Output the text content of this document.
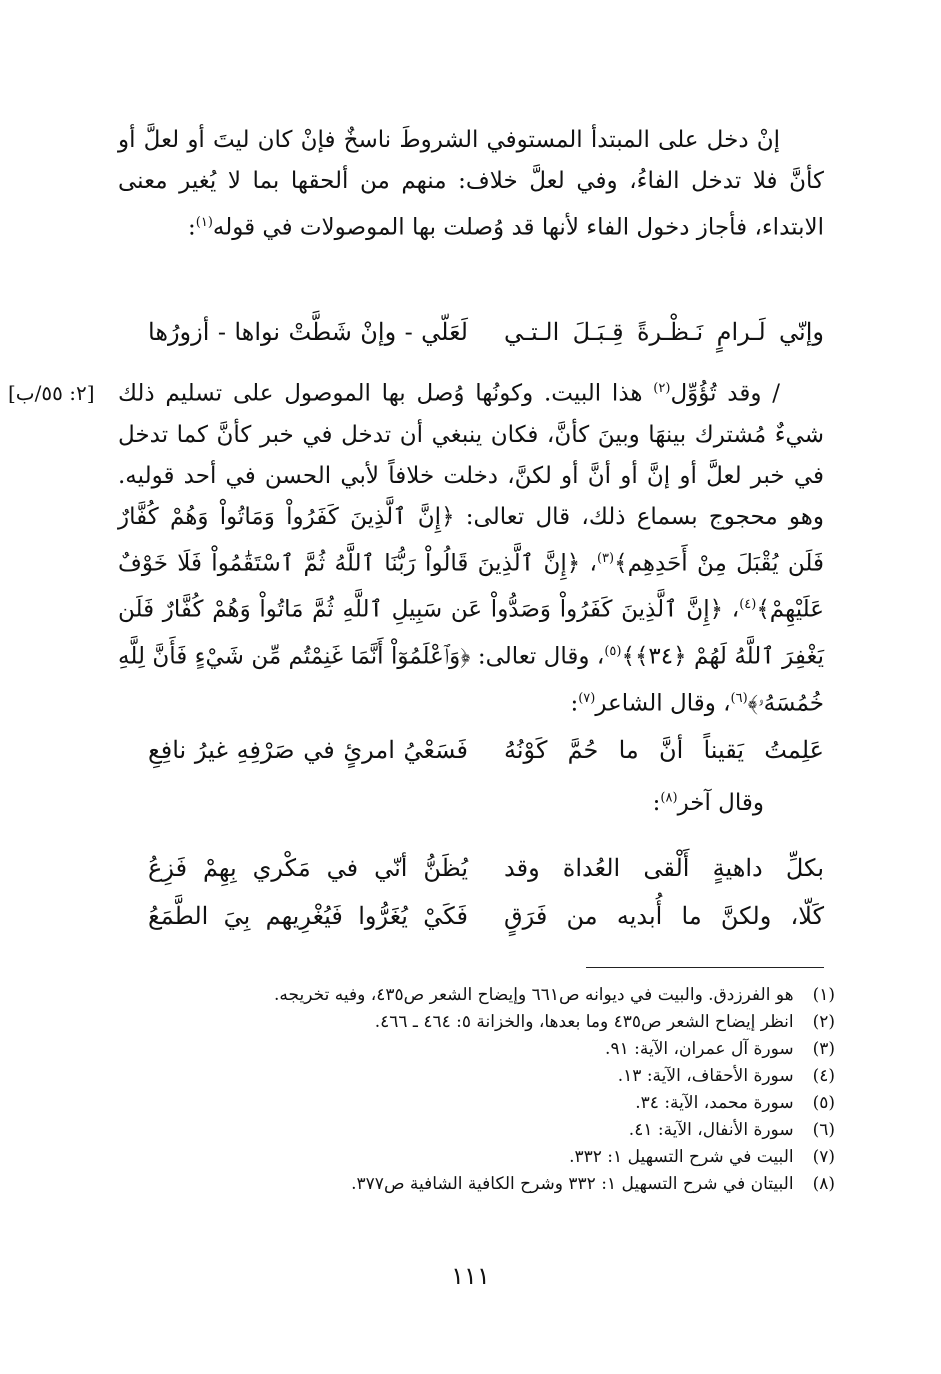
إنْ دخل على المبتدأ المستوفي الشروطَ ناسخٌ فإنْ كان ليتَ أو لعلَّ أو كأنَّ فلا تدخل الفاءُ، وفي لعلَّ خلاف: منهم من ألحقها بما لا يُغير معنى الابتداء، فأجاز دخول الفاء لأنها قد وُصلت بها الموصولات في قوله$^{(١)}$:

وإنّي لَـرامٍ نَـظْـرةً قِـبَـلَ الـتـي
لَعَلّي - وإنْ شَطَّتْ نواها - أزورُها
[٢: ٥٥/ب]	/ وقد تُؤُوِّل$^{(٢)}$ هذا البيت. وكونُها وُصل بها الموصول على تسليم ذلك شيءٌ مُشترك بينهَا وبينَ كأنَّ، فكان ينبغي أن تدخل في خبر كأنَّ كما تدخل في خبر لعلَّ أو إنَّ أو أنَّ أو لكنَّ، دخلت خلافاً لأبي الحسن في أحد قوليه. وهو محجوج بسماع ذلك، قال تعالى: ﴿إِنَّ ٱلَّذِينَ كَفَرُواْ وَمَاتُواْ وَهُمْ كُفَّارٌ فَلَن يُقْبَلَ مِنْ أَحَدِهِم﴾$^{(٣)}$، ﴿إِنَّ ٱلَّذِينَ قَالُواْ رَبُّنَا ٱللَّهُ ثُمَّ ٱسْتَقَٰمُواْ فَلَا خَوْفٌ عَلَيْهِمْ﴾$^{(٤)}$، ﴿إِنَّ ٱلَّذِينَ كَفَرُواْ وَصَدُّواْ عَن سَبِيلِ ٱللَّهِ ثُمَّ مَاتُواْ وَهُمْ كُفَّارٌ فَلَن يَغْفِرَ ٱللَّهُ لَهُمْ ﴿٣٤﴾﴾$^{(٥)}$، وقال تعالى: ﴿وَٱعْلَمُوٓاْ أَنَّمَا غَنِمْتُم مِّن شَيْءٍ فَأَنَّ لِلَّهِ خُمُسَهُۥ﴾$^{(٦)}$، وقال الشاعر$^{(٧)}$:

عَلِمتُ يَقيناً أنَّ ما حُمَّ كَوْنُهُ
فَسَعْيُ امرئٍ في صَرْفِهِ غيرُ نافِعِ
وقال آخر$^{(٨)}$:
بكلِّ داهيةٍ أَلْقى العُداة وقد
يُظَنُّ أنّي في مَكْري بِهِمْ فَزِعُ
كَلّا، ولكنَّ ما أُبديه من فَرَقٍ
فَكَيْ يُغَرُّوا فَيُغْرِيهم بِيَ الطَّمَعُ
(١) هو الفرزدق. والبيت في ديوانه ص٦٦١ وإيضاح الشعر ص٤٣٥، وفيه تخريجه.
(٢) انظر إيضاح الشعر ص٤٣٥ وما بعدها، والخزانة ٥: ٤٦٤ ـ ٤٦٦.
(٣) سورة آل عمران، الآية: ٩١.
(٤) سورة الأحقاف، الآية: ١٣.
(٥) سورة محمد، الآية: ٣٤.
(٦) سورة الأنفال، الآية: ٤١.
(٧) البيت في شرح التسهيل ١: ٣٣٢.
(٨) البيتان في شرح التسهيل ١: ٣٣٢ وشرح الكافية الشافية ص٣٧٧.
١١١
